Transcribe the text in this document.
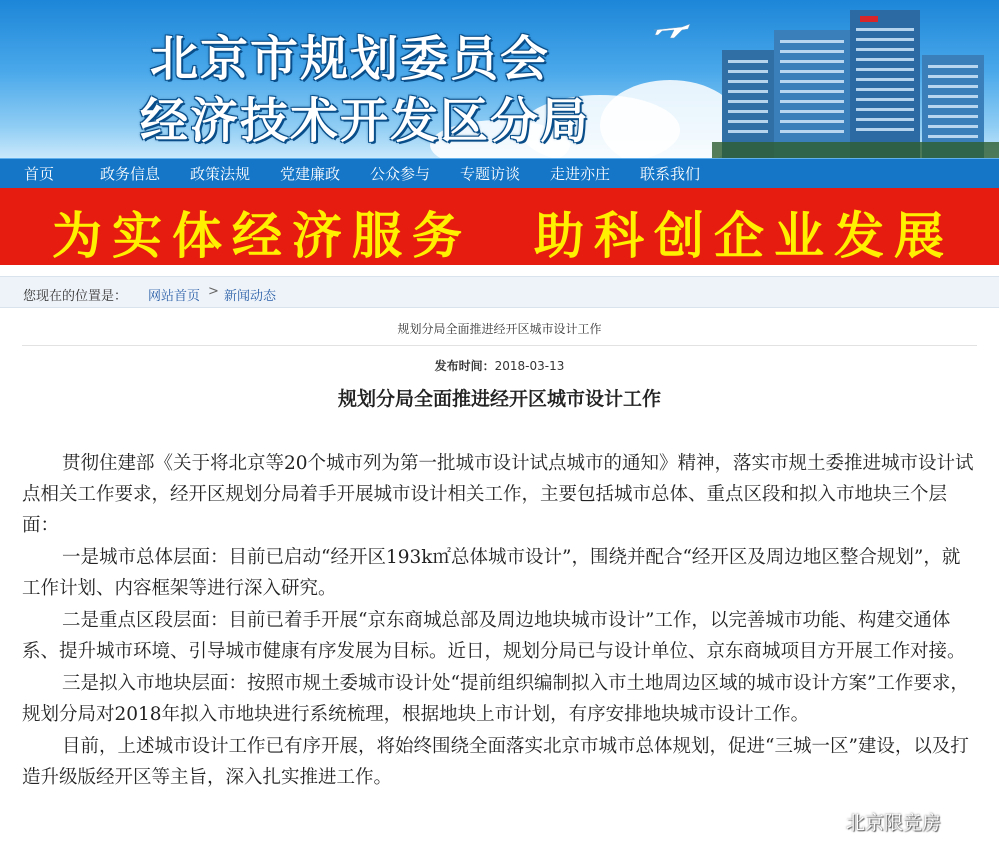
北京市规划委员会
经济技术开发区分局
首页	政务信息 政策法规 党建廉政 公众参与 专题访谈 走进亦庄 联系我们
为实体经济服务 助科创企业发展
您现在的位置是： 网站首页 > 新闻动态
规划分局全面推进经开区城市设计工作
发布时间：2018-03-13
规划分局全面推进经开区城市设计工作

贯彻住建部《关于将北京等20个城市列为第一批城市设计试点城市的通知》精神，落实市规土委推进城市设计试点相关工作要求，经开区规划分局着手开展城市设计相关工作，主要包括城市总体、重点区段和拟入市地块三个层面：

一是城市总体层面：目前已启动“经开区193k㎡总体城市设计”，围绕并配合“经开区及周边地区整合规划”，就工作计划、内容框架等进行深入研究。

二是重点区段层面：目前已着手开展“京东商城总部及周边地块城市设计”工作，以完善城市功能、构建交通体系、提升城市环境、引导城市健康有序发展为目标。近日，规划分局已与设计单位、京东商城项目方开展工作对接。

三是拟入市地块层面：按照市规土委城市设计处“提前组织编制拟入市土地周边区域的城市设计方案”工作要求，规划分局对2018年拟入市地块进行系统梳理，根据地块上市计划，有序安排地块城市设计工作。

目前，上述城市设计工作已有序开展，将始终围绕全面落实北京市城市总体规划，促进“三城一区”建设，以及打造升级版经开区等主旨，深入扎实推进工作。

北京限竞房
